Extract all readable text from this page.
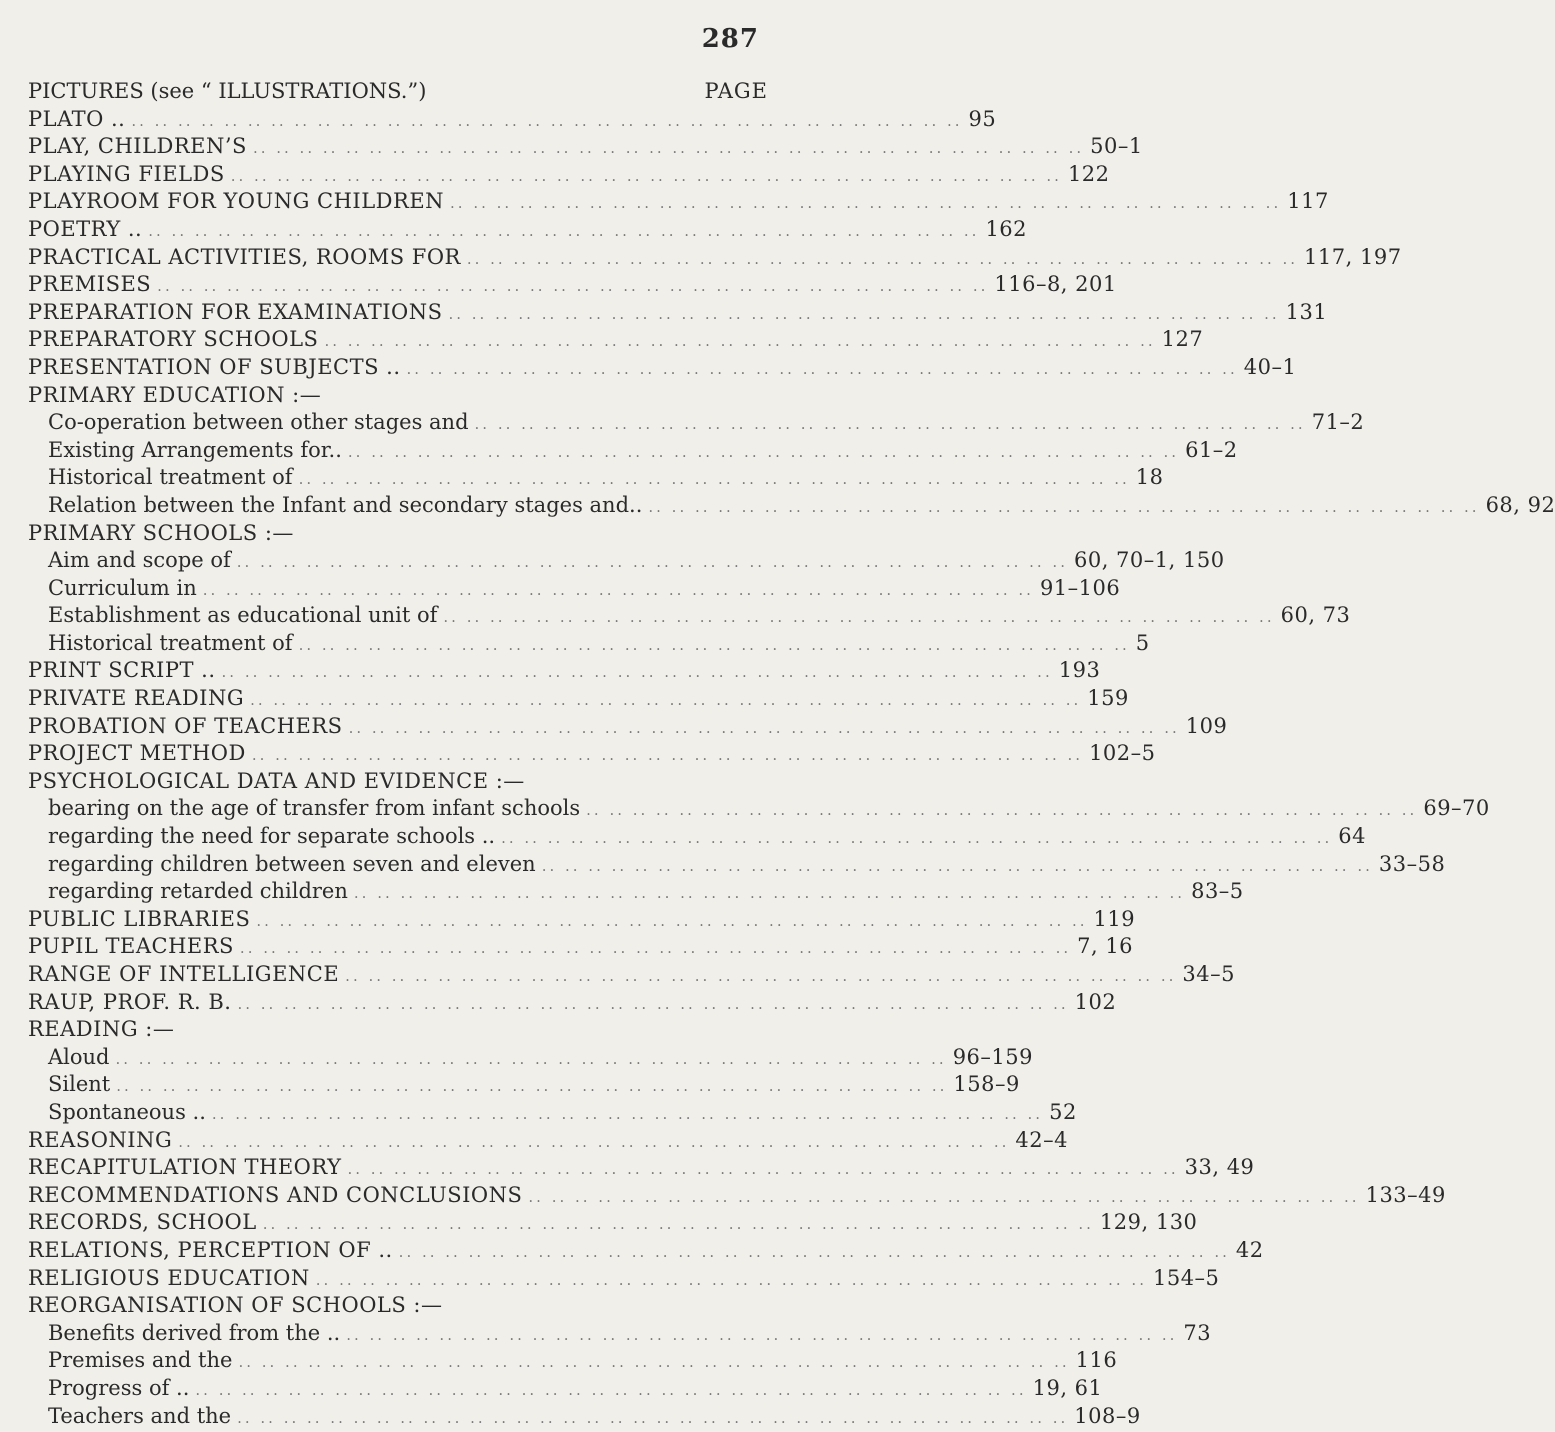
287
PICTURES (see “ ILLUSTRATIONS.”)	PAGE
PLATO .. .. ..	95
PLAY, CHILDREN’S .. ..	50–1
PLAYING FIELDS .. ..	122
PLAYROOM FOR YOUNG CHILDREN .. ..	117
POETRY .. .. ..	162
PRACTICAL ACTIVITIES, ROOMS FOR .. ..	117, 197
PREMISES .. ..	116–8, 201
PREPARATION FOR EXAMINATIONS .. ..	131
PREPARATORY SCHOOLS .. ..	127
PRESENTATION OF SUBJECTS .. .. ..	40–1
PRIMARY EDUCATION :—
Co-operation between other stages and .. ..	71–2
Existing Arrangements for.. .. ..	61–2
Historical treatment of .. ..	18
Relation between the Infant and secondary stages and.. .. ..	68, 92
PRIMARY SCHOOLS :—
Aim and scope of .. ..	60, 70–1, 150
Curriculum in .. ..	91–106
Establishment as educational unit of .. ..	60, 73
Historical treatment of .. ..	5
PRINT SCRIPT .. .. ..	193
PRIVATE READING .. ..	159
PROBATION OF TEACHERS .. ..	109
PROJECT METHOD .. ..	102–5
PSYCHOLOGICAL DATA AND EVIDENCE :—
bearing on the age of transfer from infant schools .. ..	69–70
regarding the need for separate schools .. .. ..	64
regarding children between seven and eleven .. ..	33–58
regarding retarded children .. ..	83–5
PUBLIC LIBRARIES .. ..	119
PUPIL TEACHERS .. ..	7, 16
RANGE OF INTELLIGENCE .. ..	34–5
RAUP, PROF. R. B. .. ..	102
READING :—
Aloud .. ..	96–159
Silent .. ..	158–9
Spontaneous .. .. ..	52
REASONING .. ..	42–4
RECAPITULATION THEORY .. ..	33, 49
RECOMMENDATIONS AND CONCLUSIONS .. ..	133–49
RECORDS, SCHOOL .. ..	129, 130
RELATIONS, PERCEPTION OF .. .. ..	42
RELIGIOUS EDUCATION .. ..	154–5
REORGANISATION OF SCHOOLS :—
Benefits derived from the .. .. ..	73
Premises and the .. ..	116
Progress of .. .. ..	19, 61
Teachers and the .. ..	108–9
